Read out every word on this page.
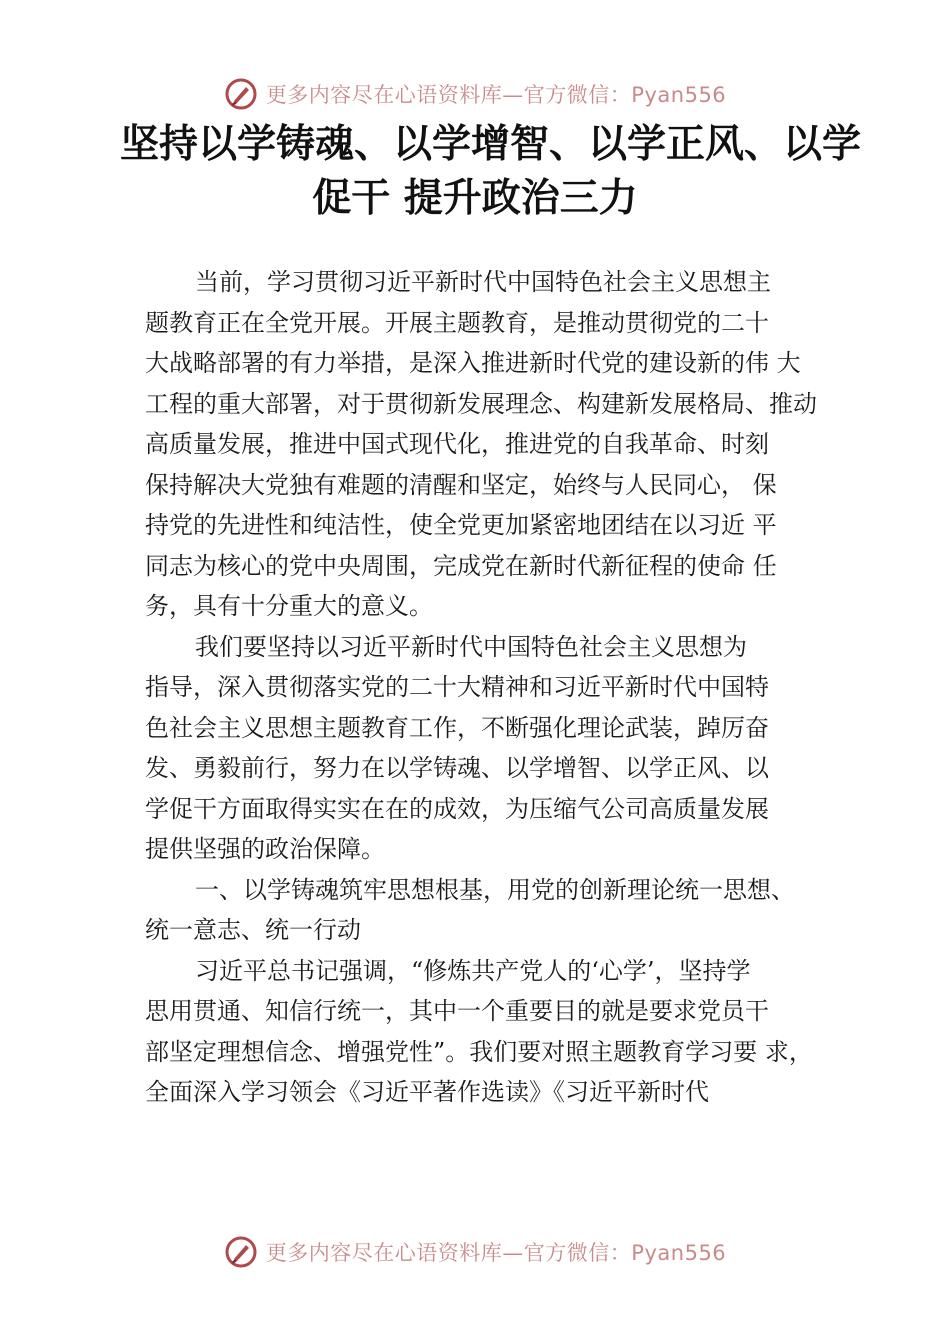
更多内容尽在心语资料库—官方微信：Pyan556
坚持以学铸魂、以学增智、以学正风、以学
促干 提升政治三力

当前，学习贯彻习近平新时代中国特色社会主义思想主
题教育正在全党开展。开展主题教育，是推动贯彻党的二十
大战略部署的有力举措，是深入推进新时代党的建设新的伟 大
工程的重大部署，对于贯彻新发展理念、构建新发展格局、推动
高质量发展，推进中国式现代化，推进党的自我革命、时刻
保持解决大党独有难题的清醒和坚定，始终与人民同心， 保
持党的先进性和纯洁性，使全党更加紧密地团结在以习近 平
同志为核心的党中央周围，完成党在新时代新征程的使命 任
务，具有十分重大的意义。

我们要坚持以习近平新时代中国特色社会主义思想为
指导，深入贯彻落实党的二十大精神和习近平新时代中国特
色社会主义思想主题教育工作，不断强化理论武装，踔厉奋
发、勇毅前行，努力在以学铸魂、以学增智、以学正风、以
学促干方面取得实实在在的成效，为压缩气公司高质量发展
提供坚强的政治保障。

一、以学铸魂筑牢思想根基，用党的创新理论统一思想、
统一意志、统一行动

习近平总书记强调，“修炼共产党人的‘心学’，坚持学
思用贯通、知信行统一，其中一个重要目的就是要求党员干
部坚定理想信念、增强党性”。我们要对照主题教育学习要 求，
全面深入学习领会《习近平著作选读》《习近平新时代

更多内容尽在心语资料库—官方微信：Pyan556
